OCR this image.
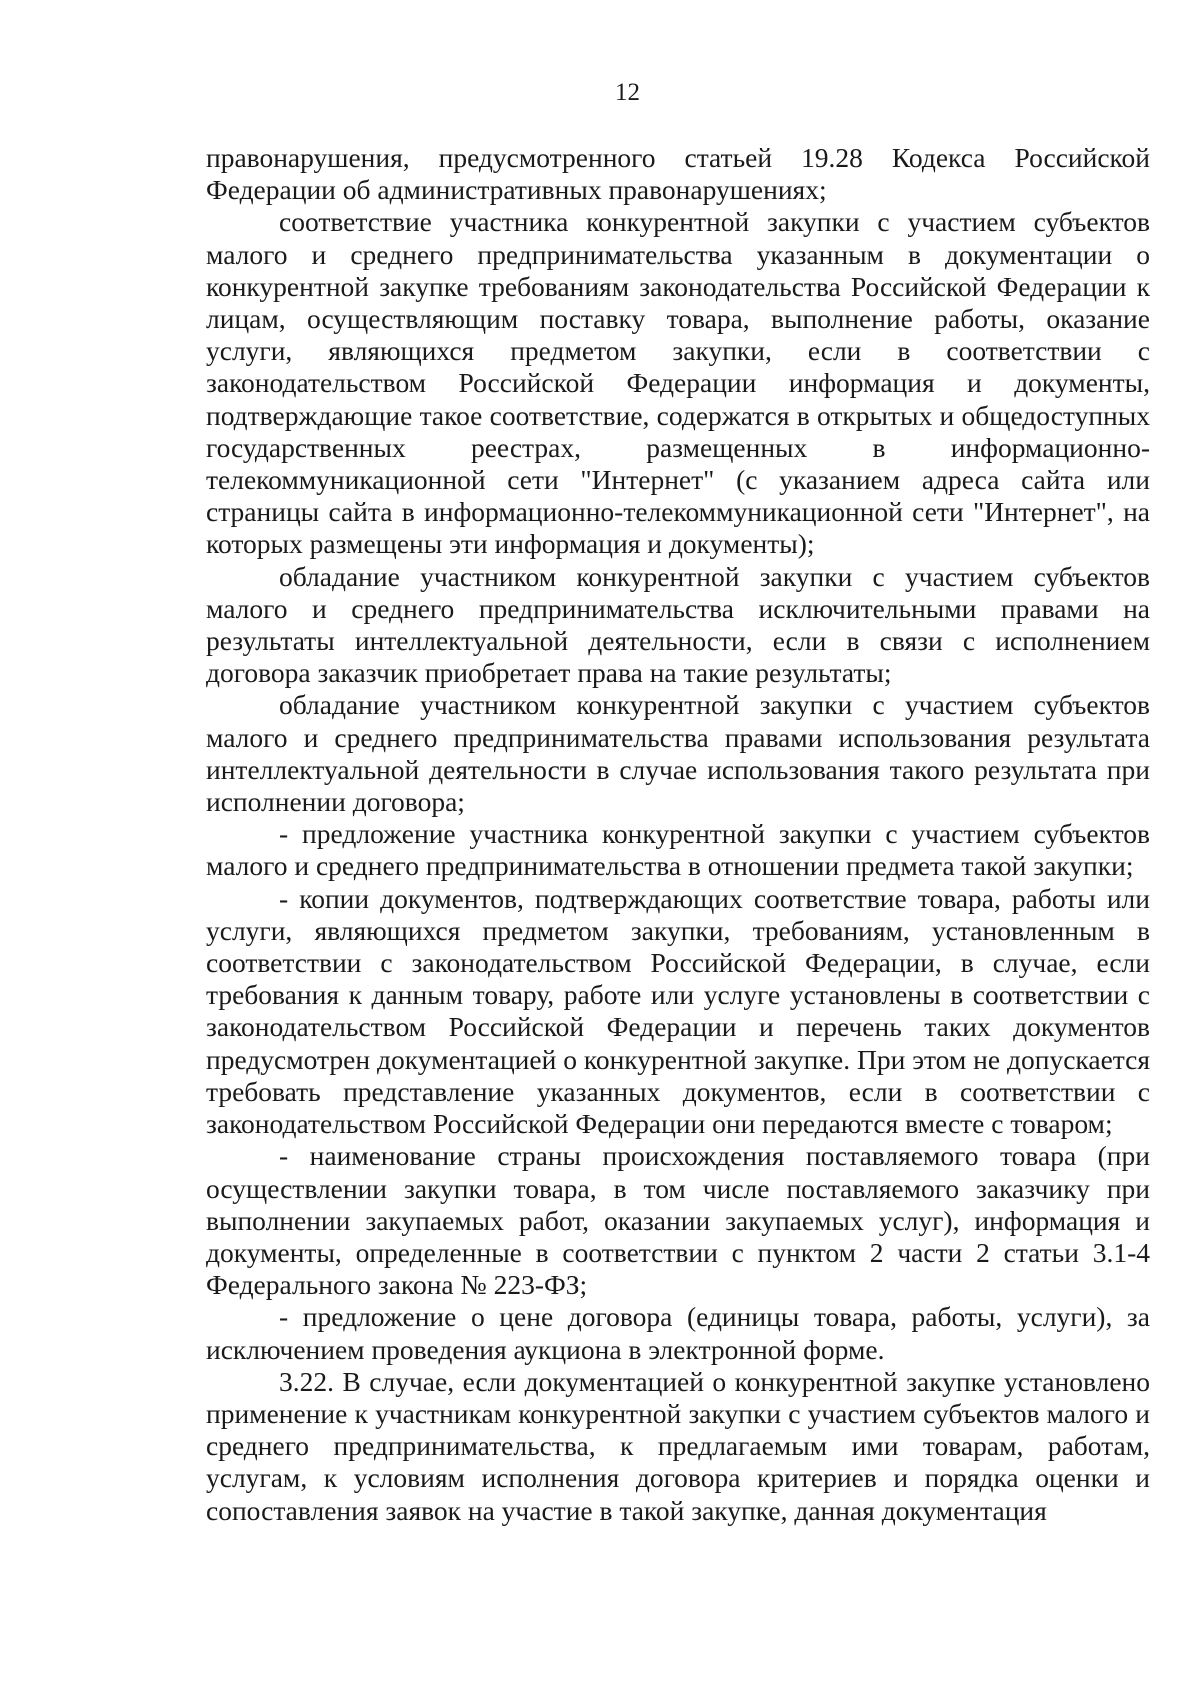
12

правонарушения, предусмотренного статьей 19.28 Кодекса Российской Федерации об административных правонарушениях;

соответствие участника конкурентной закупки с участием субъектов малого и среднего предпринимательства указанным в документации о конкурентной закупке требованиям законодательства Российской Федерации к лицам, осуществляющим поставку товара, выполнение работы, оказание услуги, являющихся предметом закупки, если в соответствии с законодательством Российской Федерации информация и документы, подтверждающие такое соответствие, содержатся в открытых и общедоступных государственных реестрах, размещенных в информационно-телекоммуникационной сети "Интернет" (с указанием адреса сайта или страницы сайта в информационно-телекоммуникационной сети "Интернет", на которых размещены эти информация и документы);

обладание участником конкурентной закупки с участием субъектов малого и среднего предпринимательства исключительными правами на результаты интеллектуальной деятельности, если в связи с исполнением договора заказчик приобретает права на такие результаты;

обладание участником конкурентной закупки с участием субъектов малого и среднего предпринимательства правами использования результата интеллектуальной деятельности в случае использования такого результата при исполнении договора;

- предложение участника конкурентной закупки с участием субъектов малого и среднего предпринимательства в отношении предмета такой закупки;

- копии документов, подтверждающих соответствие товара, работы или услуги, являющихся предметом закупки, требованиям, установленным в соответствии с законодательством Российской Федерации, в случае, если требования к данным товару, работе или услуге установлены в соответствии с законодательством Российской Федерации и перечень таких документов предусмотрен документацией о конкурентной закупке. При этом не допускается требовать представление указанных документов, если в соответствии с законодательством Российской Федерации они передаются вместе с товаром;

- наименование страны происхождения поставляемого товара (при осуществлении закупки товара, в том числе поставляемого заказчику при выполнении закупаемых работ, оказании закупаемых услуг), информация и документы, определенные в соответствии с пунктом 2 части 2 статьи 3.1-4 Федерального закона № 223-ФЗ;

- предложение о цене договора (единицы товара, работы, услуги), за исключением проведения аукциона в электронной форме.

3.22. В случае, если документацией о конкурентной закупке установлено применение к участникам конкурентной закупки с участием субъектов малого и среднего предпринимательства, к предлагаемым ими товарам, работам, услугам, к условиям исполнения договора критериев и порядка оценки и сопоставления заявок на участие в такой закупке, данная документация
